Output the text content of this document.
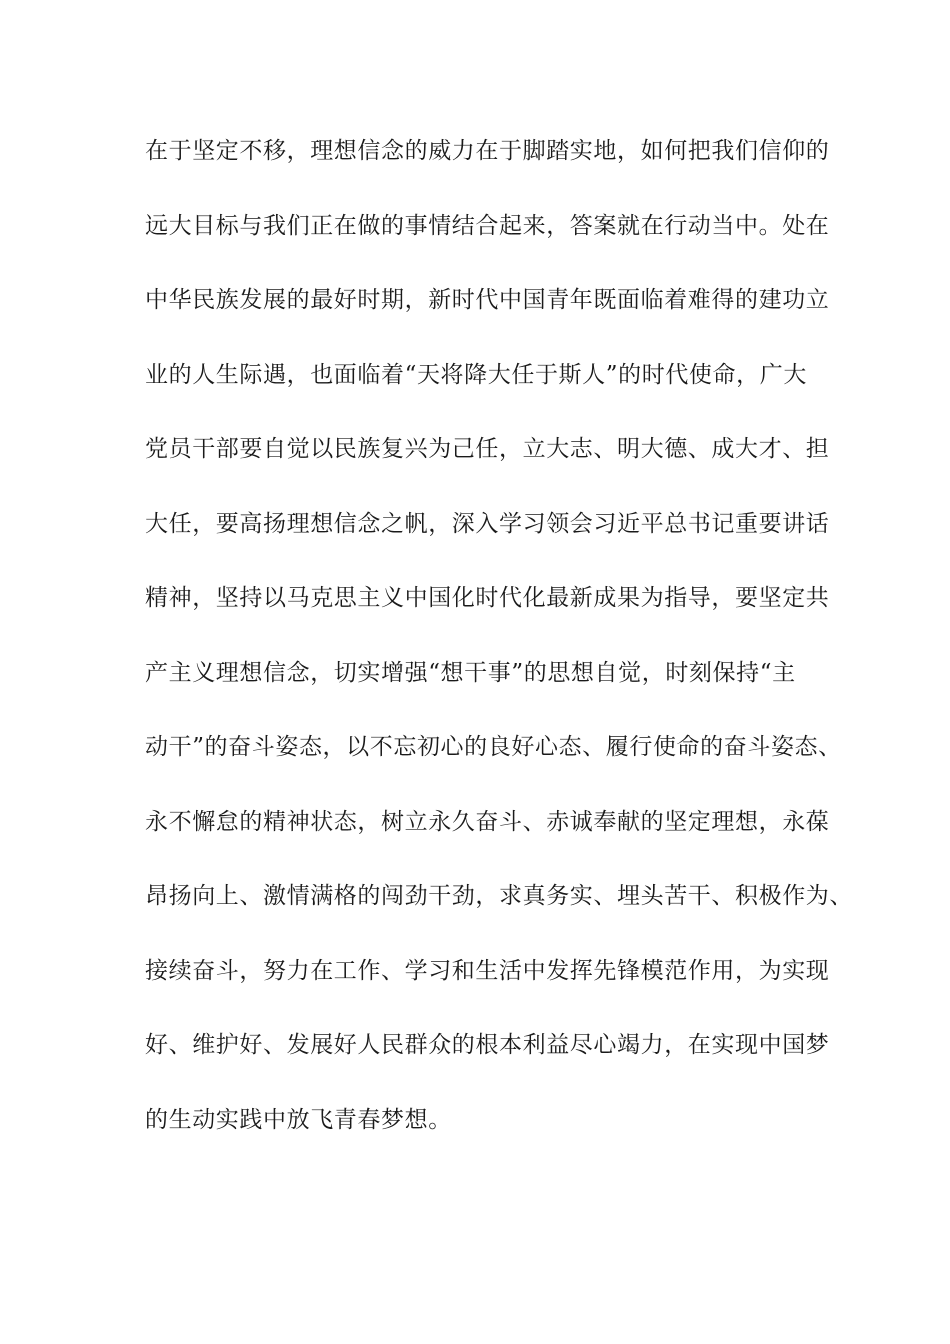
在于坚定不移，理想信念的威力在于脚踏实地，如何把我们信仰的
远大目标与我们正在做的事情结合起来，答案就在行动当中。处在
中华民族发展的最好时期，新时代中国青年既面临着难得的建功立
业的人生际遇，也面临着“天将降大任于斯人”的时代使命，广大
党员干部要自觉以民族复兴为己任，立大志、明大德、成大才、担
大任，要高扬理想信念之帆，深入学习领会习近平总书记重要讲话
精神，坚持以马克思主义中国化时代化最新成果为指导，要坚定共
产主义理想信念，切实增强“想干事”的思想自觉，时刻保持“主
动干”的奋斗姿态，以不忘初心的良好心态、履行使命的奋斗姿态、
永不懈怠的精神状态，树立永久奋斗、赤诚奉献的坚定理想，永葆
昂扬向上、激情满格的闯劲干劲，求真务实、埋头苦干、积极作为、
接续奋斗，努力在工作、学习和生活中发挥先锋模范作用，为实现
好、维护好、发展好人民群众的根本利益尽心竭力，在实现中国梦
的生动实践中放飞青春梦想。
